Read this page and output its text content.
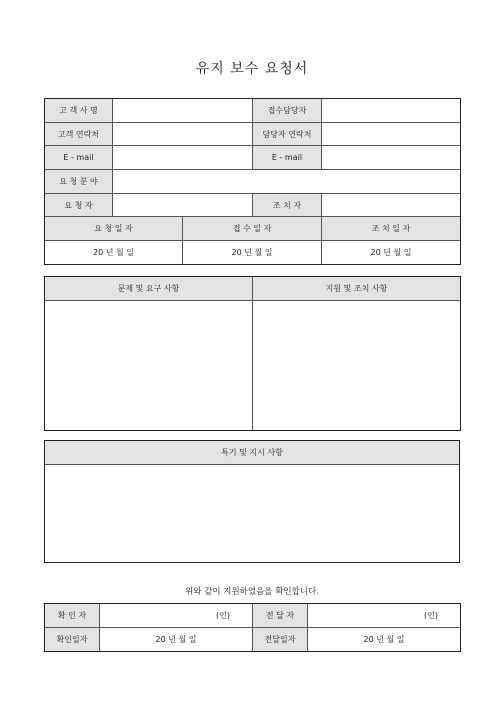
유지 보수 요청서
고 객 사 명			접수담당자	
고객 연락처			담당자 연락처	
E - mail			E - mail	
요 청 분 야				
요 청 자			조 치 자	
요 청 일 자		접 수 일 자		조 치 일 자
20 년 월 일		20 년 월 일		20 년 월 일
문제 및 요구 사항	지원 및 조치 사항

특기 및 지시 사항

위와 같이 지원하였음을 확인합니다.
확 인 자	(인)	전 달 자	(인)
확인일자	20 년 월 일	전달일자	20 년 월 일
